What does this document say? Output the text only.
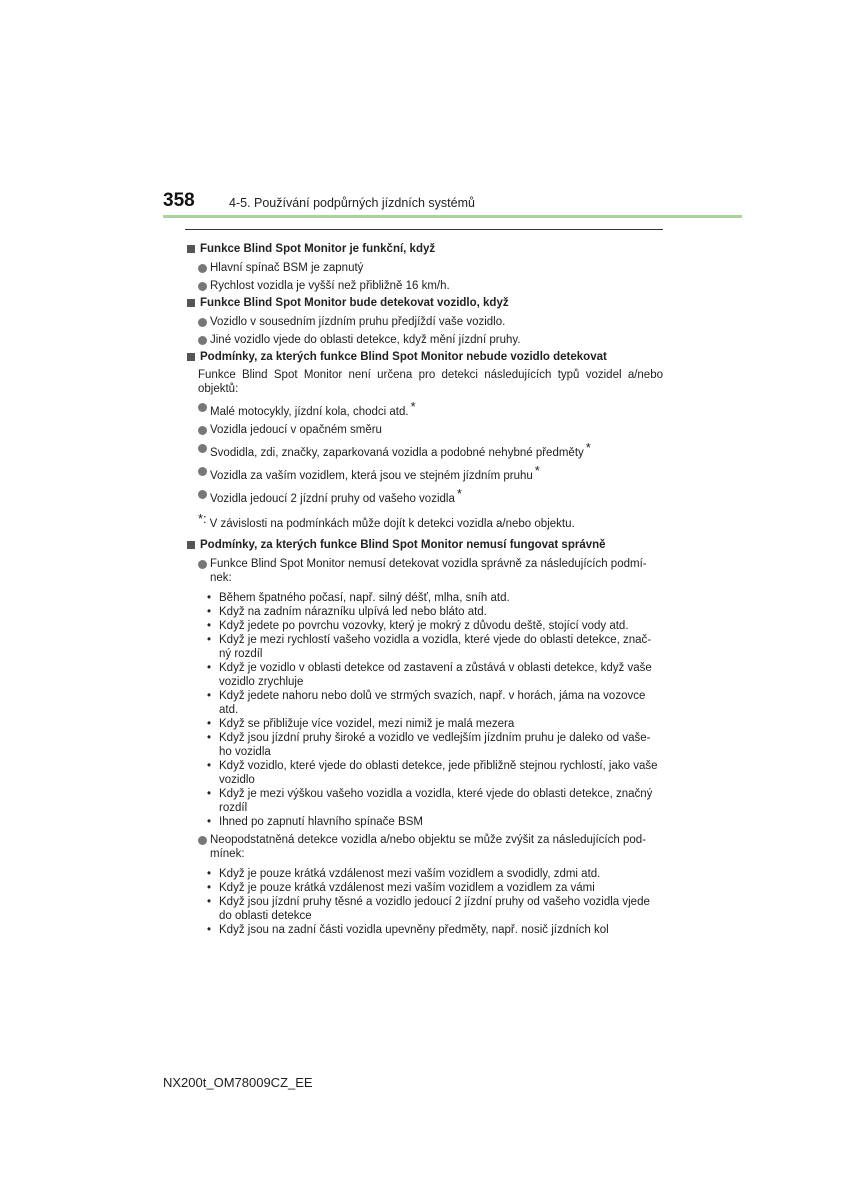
358	4-5. Používání podpůrných jízdních systémů
Funkce Blind Spot Monitor je funkční, když
Hlavní spínač BSM je zapnutý
Rychlost vozidla je vyšší než přibližně 16 km/h.
Funkce Blind Spot Monitor bude detekovat vozidlo, když
Vozidlo v sousedním jízdním pruhu předjíždí vaše vozidlo.
Jiné vozidlo vjede do oblasti detekce, když mění jízdní pruhy.
Podmínky, za kterých funkce Blind Spot Monitor nebude vozidlo detekovat
Funkce Blind Spot Monitor není určena pro detekci následujících typů vozidel a/nebo objektů:
Malé motocykly, jízdní kola, chodci atd. *
Vozidla jedoucí v opačném směru
Svodidla, zdi, značky, zaparkovaná vozidla a podobné nehybné předměty *
Vozidla za vaším vozidlem, která jsou ve stejném jízdním pruhu *
Vozidla jedoucí 2 jízdní pruhy od vašeho vozidla *
*: V závislosti na podmínkách může dojít k detekci vozidla a/nebo objektu.
Podmínky, za kterých funkce Blind Spot Monitor nemusí fungovat správně
Funkce Blind Spot Monitor nemusí detekovat vozidla správně za následujících podmí-nek:
• Během špatného počasí, např. silný déšť, mlha, sníh atd.
• Když na zadním nárazníku ulpívá led nebo bláto atd.
• Když jedete po povrchu vozovky, který je mokrý z důvodu deště, stojící vody atd.
• Když je mezi rychlostí vašeho vozidla a vozidla, které vjede do oblasti detekce, znač-ný rozdíl
• Když je vozidlo v oblasti detekce od zastavení a zůstává v oblasti detekce, když vaše vozidlo zrychluje
• Když jedete nahoru nebo dolů ve strmých svazích, např. v horách, jáma na vozovce atd.
• Když se přibližuje více vozidel, mezi nimiž je malá mezera
• Když jsou jízdní pruhy široké a vozidlo ve vedlejším jízdním pruhu je daleko od vaše-ho vozidla
• Když vozidlo, které vjede do oblasti detekce, jede přibližně stejnou rychlostí, jako vaše vozidlo
• Když je mezi výškou vašeho vozidla a vozidla, které vjede do oblasti detekce, značný rozdíl
• Ihned po zapnutí hlavního spínače BSM
Neopodstatněná detekce vozidla a/nebo objektu se může zvýšit za následujících pod-mínek:
• Když je pouze krátká vzdálenost mezi vaším vozidlem a svodidly, zdmi atd.
• Když je pouze krátká vzdálenost mezi vaším vozidlem a vozidlem za vámi
• Když jsou jízdní pruhy těsné a vozidlo jedoucí 2 jízdní pruhy od vašeho vozidla vjede do oblasti detekce
• Když jsou na zadní části vozidla upevněny předměty, např. nosič jízdních kol
NX200t_OM78009CZ_EE
